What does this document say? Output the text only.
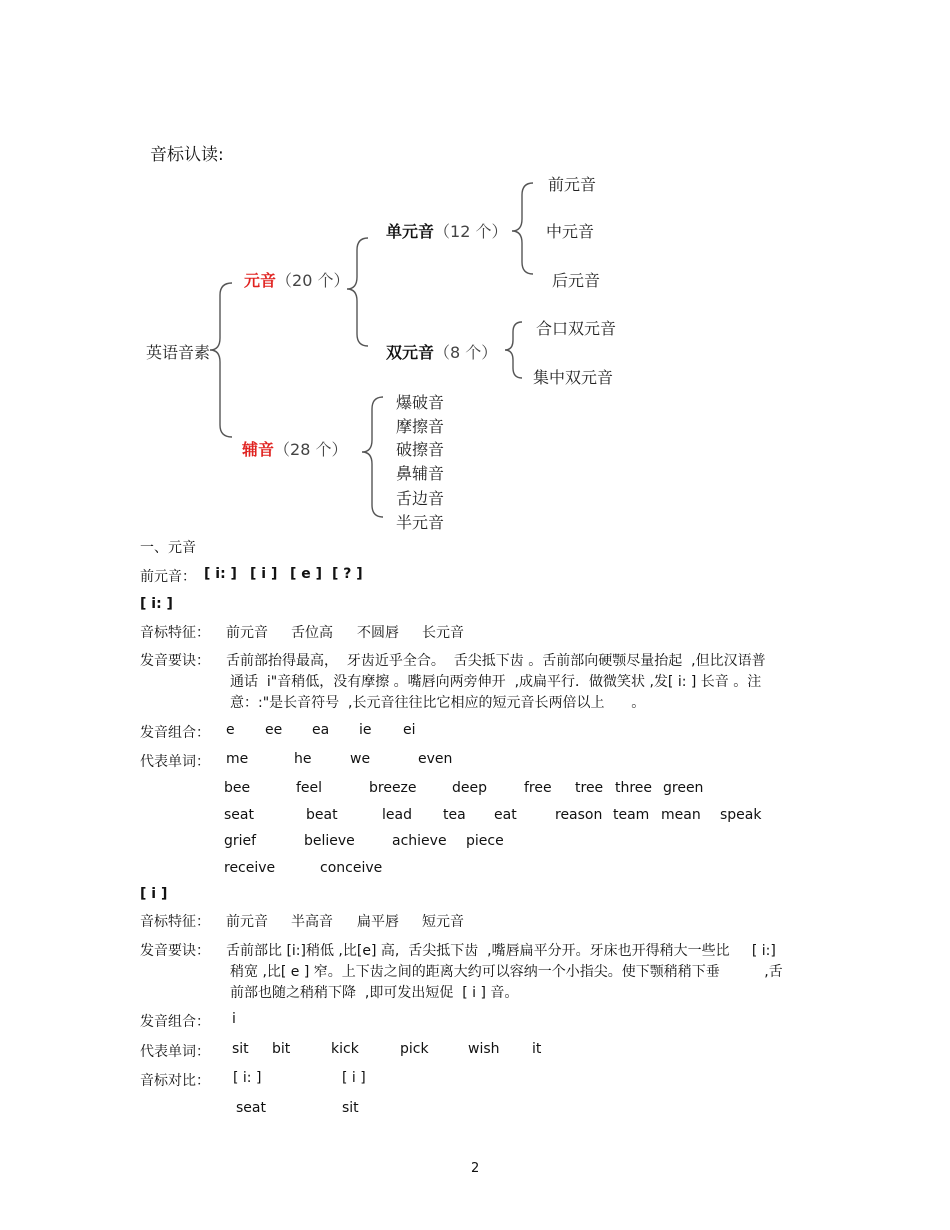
音标认读:
英语音素
元音（20 个）
辅音（28 个）
单元音（12 个）
双元音（8 个）
前元音
中元音
后元音
合口双元音
集中双元音
爆破音
摩擦音
破擦音
鼻辅音
舌边音
半元音
一、元音
前元音： [ i: ] [ i ] [ e ] [ ? ]
[ i: ]
音标特征： 前元音 舌位高 不圆唇 长元音
发音要诀： 舌前部抬得最高，  牙齿近乎全合。  舌尖抵下齿 。舌前部向硬颚尽量抬起  ,但比汉语普
通话  i"音稍低，没有摩擦 。嘴唇向两旁伸开  ,成扁平行．做微笑状 ,发[ i: ] 长音 。注
意：:"是长音符号  ,长元音往往比它相应的短元音长两倍以上      。
发音组合： e ee ea ie ei
代表单词： me	he	we	even
bee	feel	breeze	deep	free tree three green
seat	beat	lead tea eat	reason team mean speak
grief	believe	achieve piece
receive	conceive
[ i ]
音标特征： 前元音 半高音 扁平唇 短元音
发音要诀： 舌前部比 [i:]稍低 ,比[e] 高,  舌尖抵下齿  ,嘴唇扁平分开。牙床也开得稍大一些比     [ i:]
稍宽 ,比[ e ] 窄。上下齿之间的距离大约可以容纳一个小指尖。使下颚稍稍下垂          ,舌
前部也随之稍稍下降  ,即可发出短促  [ i ] 音。
发音组合： i
代表单词： sit bit	kick	pick	wish it
音标对比： [ i: ]	[ i ]
seat	sit
2
